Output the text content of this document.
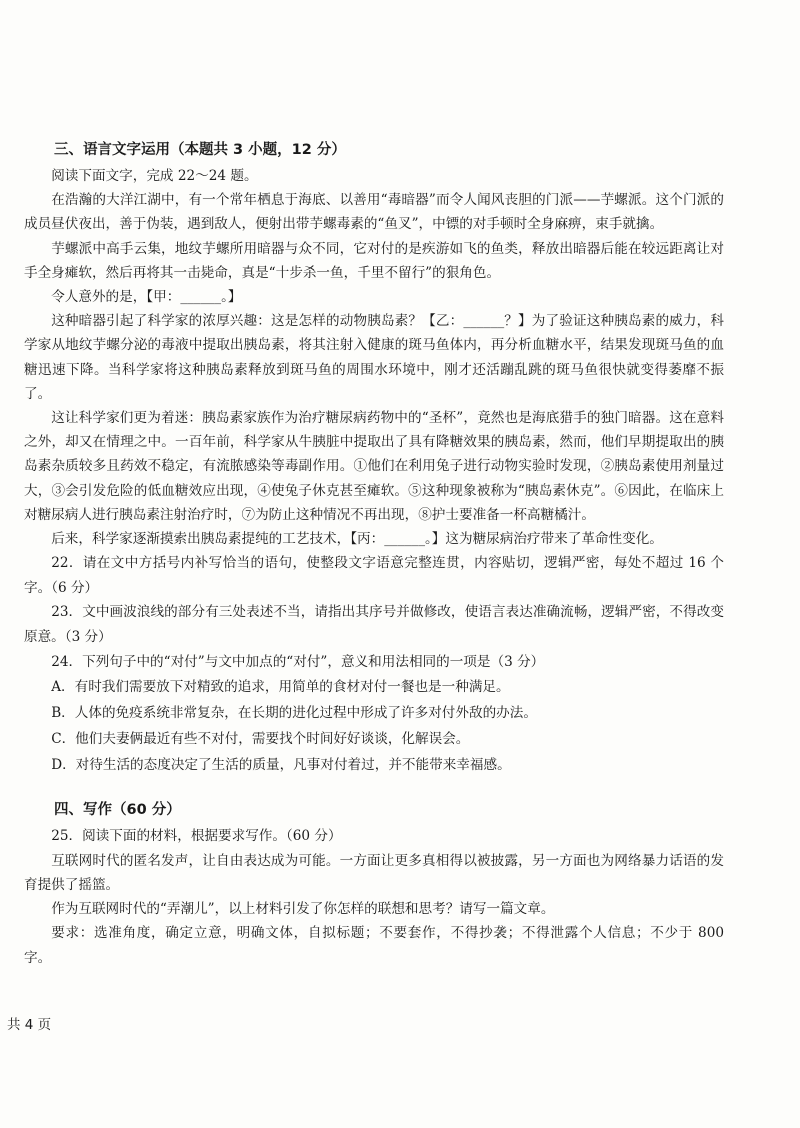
三、语言文字运用（本题共 3 小题，12 分）

阅读下面文字，完成 22～24 题。

在浩瀚的大洋江湖中，有一个常年栖息于海底、以善用“毒暗器”而令人闻风丧胆的门派——芋螺派。这个门派的成员昼伏夜出，善于伪装，遇到敌人，便射出带芋螺毒素的“鱼叉”，中镖的对手顿时全身麻痹，束手就擒。

芋螺派中高手云集，地纹芋螺所用暗器与众不同，它对付的是疾游如飞的鱼类，释放出暗器后能在较远距离让对手全身瘫软，然后再将其一击毙命，真是“十步杀一鱼，千里不留行”的狠角色。

令人意外的是，【甲：______。】

这种暗器引起了科学家的浓厚兴趣：这是怎样的动物胰岛素？【乙：______？】为了验证这种胰岛素的威力，科学家从地纹芋螺分泌的毒液中提取出胰岛素，将其注射入健康的斑马鱼体内，再分析血糖水平，结果发现斑马鱼的血糖迅速下降。当科学家将这种胰岛素释放到斑马鱼的周围水环境中，刚才还活蹦乱跳的斑马鱼很快就变得萎靡不振了。

这让科学家们更为着迷：胰岛素家族作为治疗糖尿病药物中的“圣杯”，竟然也是海底猎手的独门暗器。这在意料之外，却又在情理之中。一百年前，科学家从牛胰脏中提取出了具有降糖效果的胰岛素，然而，他们早期提取出的胰岛素杂质较多且药效不稳定，有流脓感染等毒副作用。①他们在利用兔子进行动物实验时发现，②胰岛素使用剂量过大，③会引发危险的低血糖效应出现，④使兔子休克甚至瘫软。⑤这种现象被称为“胰岛素休克”。⑥因此，在临床上对糖尿病人进行胰岛素注射治疗时，⑦为防止这种情况不再出现，⑧护士要准备一杯高糖橘汁。

后来，科学家逐渐摸索出胰岛素提纯的工艺技术，【丙：______。】这为糖尿病治疗带来了革命性变化。

22．请在文中方括号内补写恰当的语句，使整段文字语意完整连贯，内容贴切，逻辑严密，每处不超过 16 个字。（6 分）

23．文中画波浪线的部分有三处表述不当，请指出其序号并做修改，使语言表达准确流畅，逻辑严密，不得改变原意。（3 分）

24．下列句子中的“对付”与文中加点的“对付”，意义和用法相同的一项是（3 分）

A．有时我们需要放下对精致的追求，用简单的食材对付一餐也是一种满足。

B．人体的免疫系统非常复杂，在长期的进化过程中形成了许多对付外敌的办法。

C．他们夫妻俩最近有些不对付，需要找个时间好好谈谈，化解误会。

D．对待生活的态度决定了生活的质量，凡事对付着过，并不能带来幸福感。

四、写作（60 分）

25．阅读下面的材料，根据要求写作。（60 分）

互联网时代的匿名发声，让自由表达成为可能。一方面让更多真相得以被披露，另一方面也为网络暴力话语的发育提供了摇篮。

作为互联网时代的“弄潮儿”，以上材料引发了你怎样的联想和思考？请写一篇文章。

要求：选准角度，确定立意，明确文体，自拟标题；不要套作，不得抄袭；不得泄露个人信息；不少于 800 字。

共 4 页
